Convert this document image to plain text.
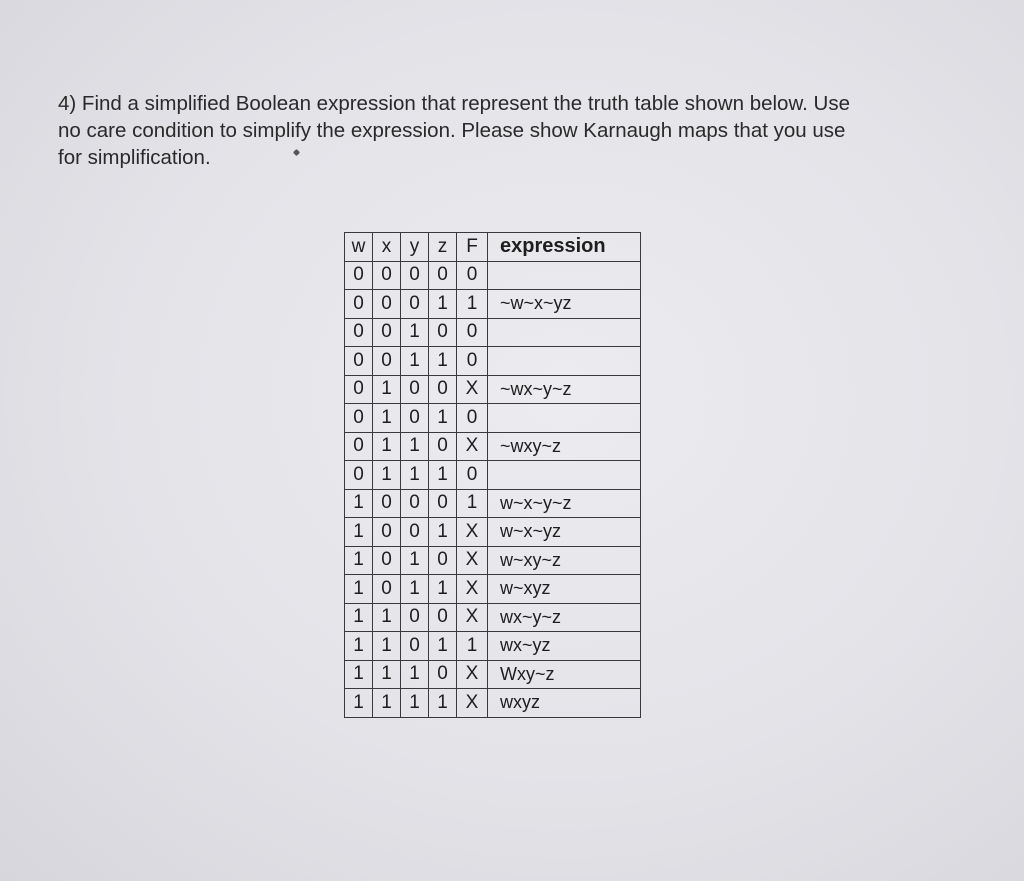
4) Find a simplified Boolean expression that represent the truth table shown below. Use

no care condition to simplify the expression. Please show Karnaugh maps that you use

for simplification.

w	x	y	z	F	expression
0	0	0	0	0	
0	0	0	1	1	~w~x~yz
0	0	1	0	0	
0	0	1	1	0	
0	1	0	0	X	~wx~y~z
0	1	0	1	0	
0	1	1	0	X	~wxy~z
0	1	1	1	0	
1	0	0	0	1	w~x~y~z
1	0	0	1	X	w~x~yz
1	0	1	0	X	w~xy~z
1	0	1	1	X	w~xyz
1	1	0	0	X	wx~y~z
1	1	0	1	1	wx~yz
1	1	1	0	X	Wxy~z
1	1	1	1	X	wxyz
